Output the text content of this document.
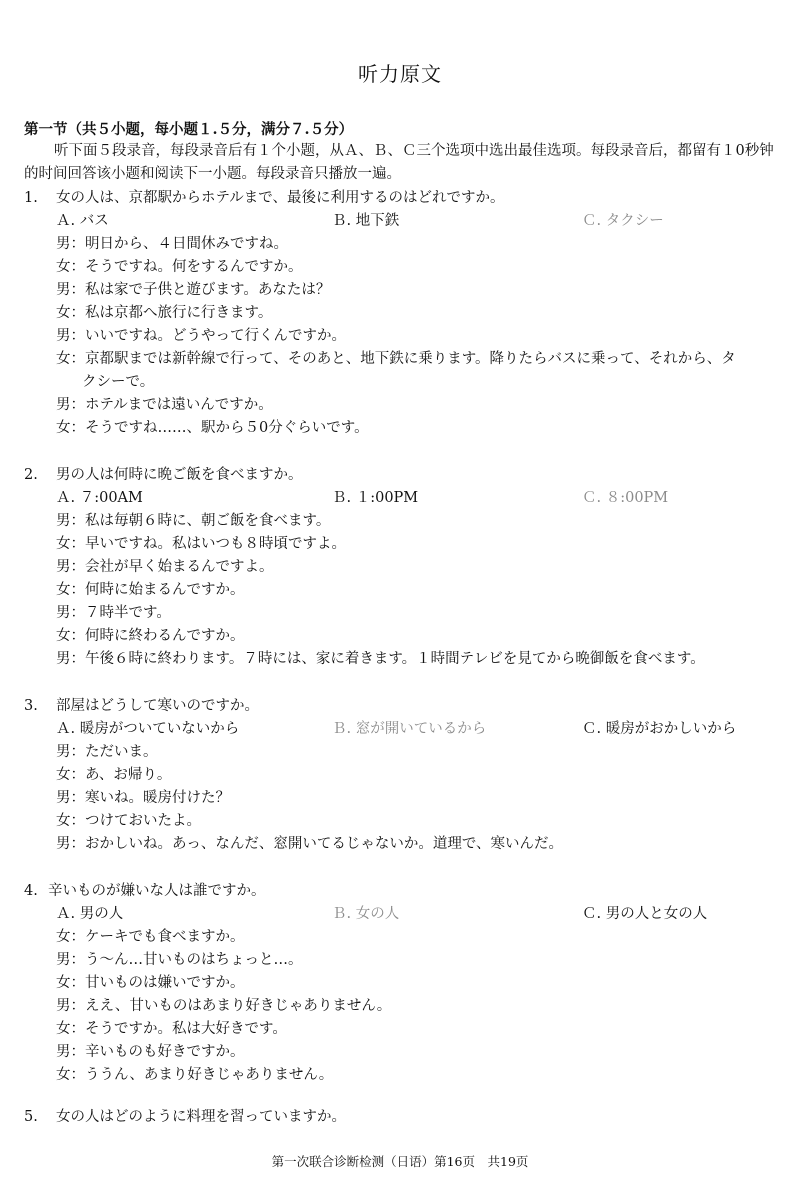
听力原文
第一节（共５小题，每小题１.５分，满分７.５分）
听下面５段录音，每段录音后有１个小题，从Ａ、Ｂ、Ｃ三个选项中选出最佳选项。每段录音后，都留有１0秒钟的时间回答该小题和阅读下一小题。每段录音只播放一遍。
1. 女の人は、京都駅からホテルまで、最後に利用するのはどれですか。
Ａ. バス	Ｂ. 地下鉄	Ｃ. タクシー
男：明日から、４日間休みですね。
女：そうですね。何をするんですか。
男：私は家で子供と遊びます。あなたは？
女：私は京都へ旅行に行きます。
男：いいですね。どうやって行くんですか。
女：京都駅までは新幹線で行って、そのあと、地下鉄に乗ります。降りたらバスに乗って、それから、タ
クシーで。
男：ホテルまでは遠いんですか。
女：そうですね……、駅から５0分ぐらいです。
2. 男の人は何時に晩ご飯を食べますか。
Ａ. ７:00AM	Ｂ. １:00PM	Ｃ. ８:00PM
男：私は毎朝６時に、朝ご飯を食べます。
女：早いですね。私はいつも８時頃ですよ。
男：会社が早く始まるんですよ。
女：何時に始まるんですか。
男：７時半です。
女：何時に終わるんですか。
男：午後６時に終わります。７時には、家に着きます。１時間テレビを見てから晩御飯を食べます。
3. 部屋はどうして寒いのですか。
Ａ. 暖房がついていないから	Ｂ. 窓が開いているから	Ｃ. 暖房がおかしいから
男：ただいま。
女：あ、お帰り。
男：寒いね。暖房付けた？
女：つけておいたよ。
男：おかしいね。あっ、なんだ、窓開いてるじゃないか。道理で、寒いんだ。
4. 辛いものが嫌いな人は誰ですか。
Ａ. 男の人	Ｂ. 女の人	Ｃ. 男の人と女の人
女：ケーキでも食べますか。
男：う～ん…甘いものはちょっと…。
女：甘いものは嫌いですか。
男：ええ、甘いものはあまり好きじゃありません。
女：そうですか。私は大好きです。
男：辛いものも好きですか。
女：ううん、あまり好きじゃありません。
5. 女の人はどのように料理を習っていますか。
第一次联合诊断检测（日语）第16页　共19页
